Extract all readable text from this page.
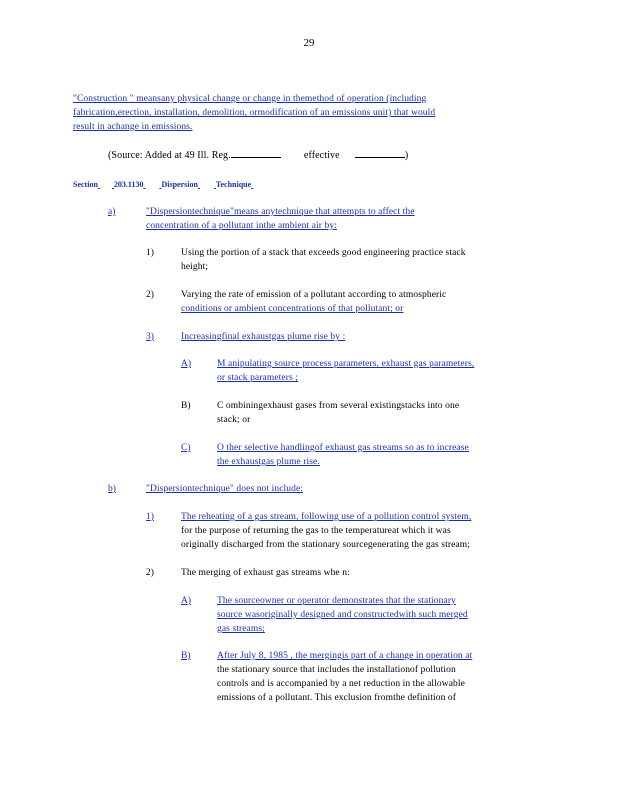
29
"Construction " meansany physical change or change in themethod of operation (including
fabrication,erection, installation, demolition, ormodification of an emissions unit) that would
result in achange in emissions.
(Source: Added at 49 Ill. Reg.	effective	)
Section 203.1130 Dispersion Technique
a)	"Dispersiontechnique"means anytechnique that attempts to affect the
concentration of a pollutant inthe ambient air by:
1)	Using the portion of a stack that exceeds good engineering practice stack
height;
2)	Varying the rate of emission of a pollutant according to atmospheric
conditions or ambient concentrations of that pollutant; or
3)	Increasingfinal exhaustgas plume rise by :
A)	M anipulating source process parameters, exhaust gas parameters,
or stack parameters ;
B)	C ombiningexhaust gases from several existingstacks into one
stack; or
C)	O ther selective handlingof exhaust gas streams so as to increase
the exhaustgas plume rise.
b)	"Dispersiontechnique" does not include:
1)	The reheating of a gas stream, following use of a pollution control system,
for the purpose of returning the gas to the temperatureat which it was
originally discharged from the stationary sourcegenerating the gas stream;
2)	The merging of exhaust gas streams whe n:
A)	The sourceowner or operator demonstrates that the stationary
source wasoriginally designed and constructedwith such merged
gas streams;
B)	After July 8, 1985 , the mergingis part of a change in operation at
the stationary source that includes the installationof pollution
controls and is accompanied by a net reduction in the allowable
emissions of a pollutant. This exclusion fromthe definition of
